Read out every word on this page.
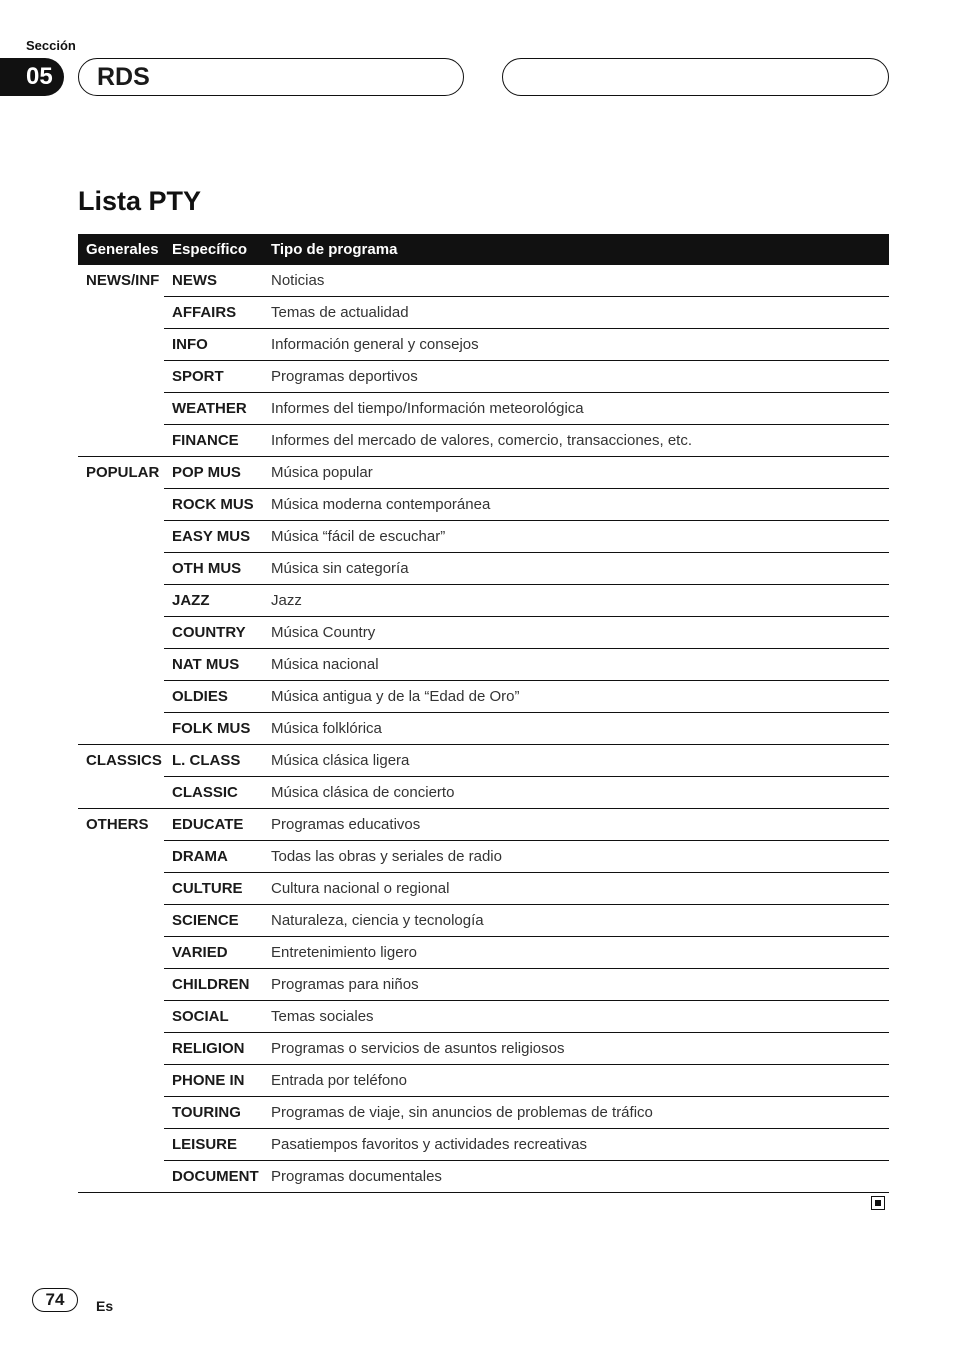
Sección
05	RDS
Lista PTY
Generales	Específico	Tipo de programa
NEWS/INF	NEWS	Noticias
	AFFAIRS	Temas de actualidad
	INFO	Información general y consejos
	SPORT	Programas deportivos
	WEATHER	Informes del tiempo/Información meteorológica
	FINANCE	Informes del mercado de valores, comercio, transacciones, etc.
POPULAR	POP MUS	Música popular
	ROCK MUS	Música moderna contemporánea
	EASY MUS	Música “fácil de escuchar”
	OTH MUS	Música sin categoría
	JAZZ	Jazz
	COUNTRY	Música Country
	NAT MUS	Música nacional
	OLDIES	Música antigua y de la “Edad de Oro”
	FOLK MUS	Música folklórica
CLASSICS	L. CLASS	Música clásica ligera
	CLASSIC	Música clásica de concierto
OTHERS	EDUCATE	Programas educativos
	DRAMA	Todas las obras y seriales de radio
	CULTURE	Cultura nacional o regional
	SCIENCE	Naturaleza, ciencia y tecnología
	VARIED	Entretenimiento ligero
	CHILDREN	Programas para niños
	SOCIAL	Temas sociales
	RELIGION	Programas o servicios de asuntos religiosos
	PHONE IN	Entrada por teléfono
	TOURING	Programas de viaje, sin anuncios de problemas de tráfico
	LEISURE	Pasatiempos favoritos y actividades recreativas
	DOCUMENT	Programas documentales
74	Es
